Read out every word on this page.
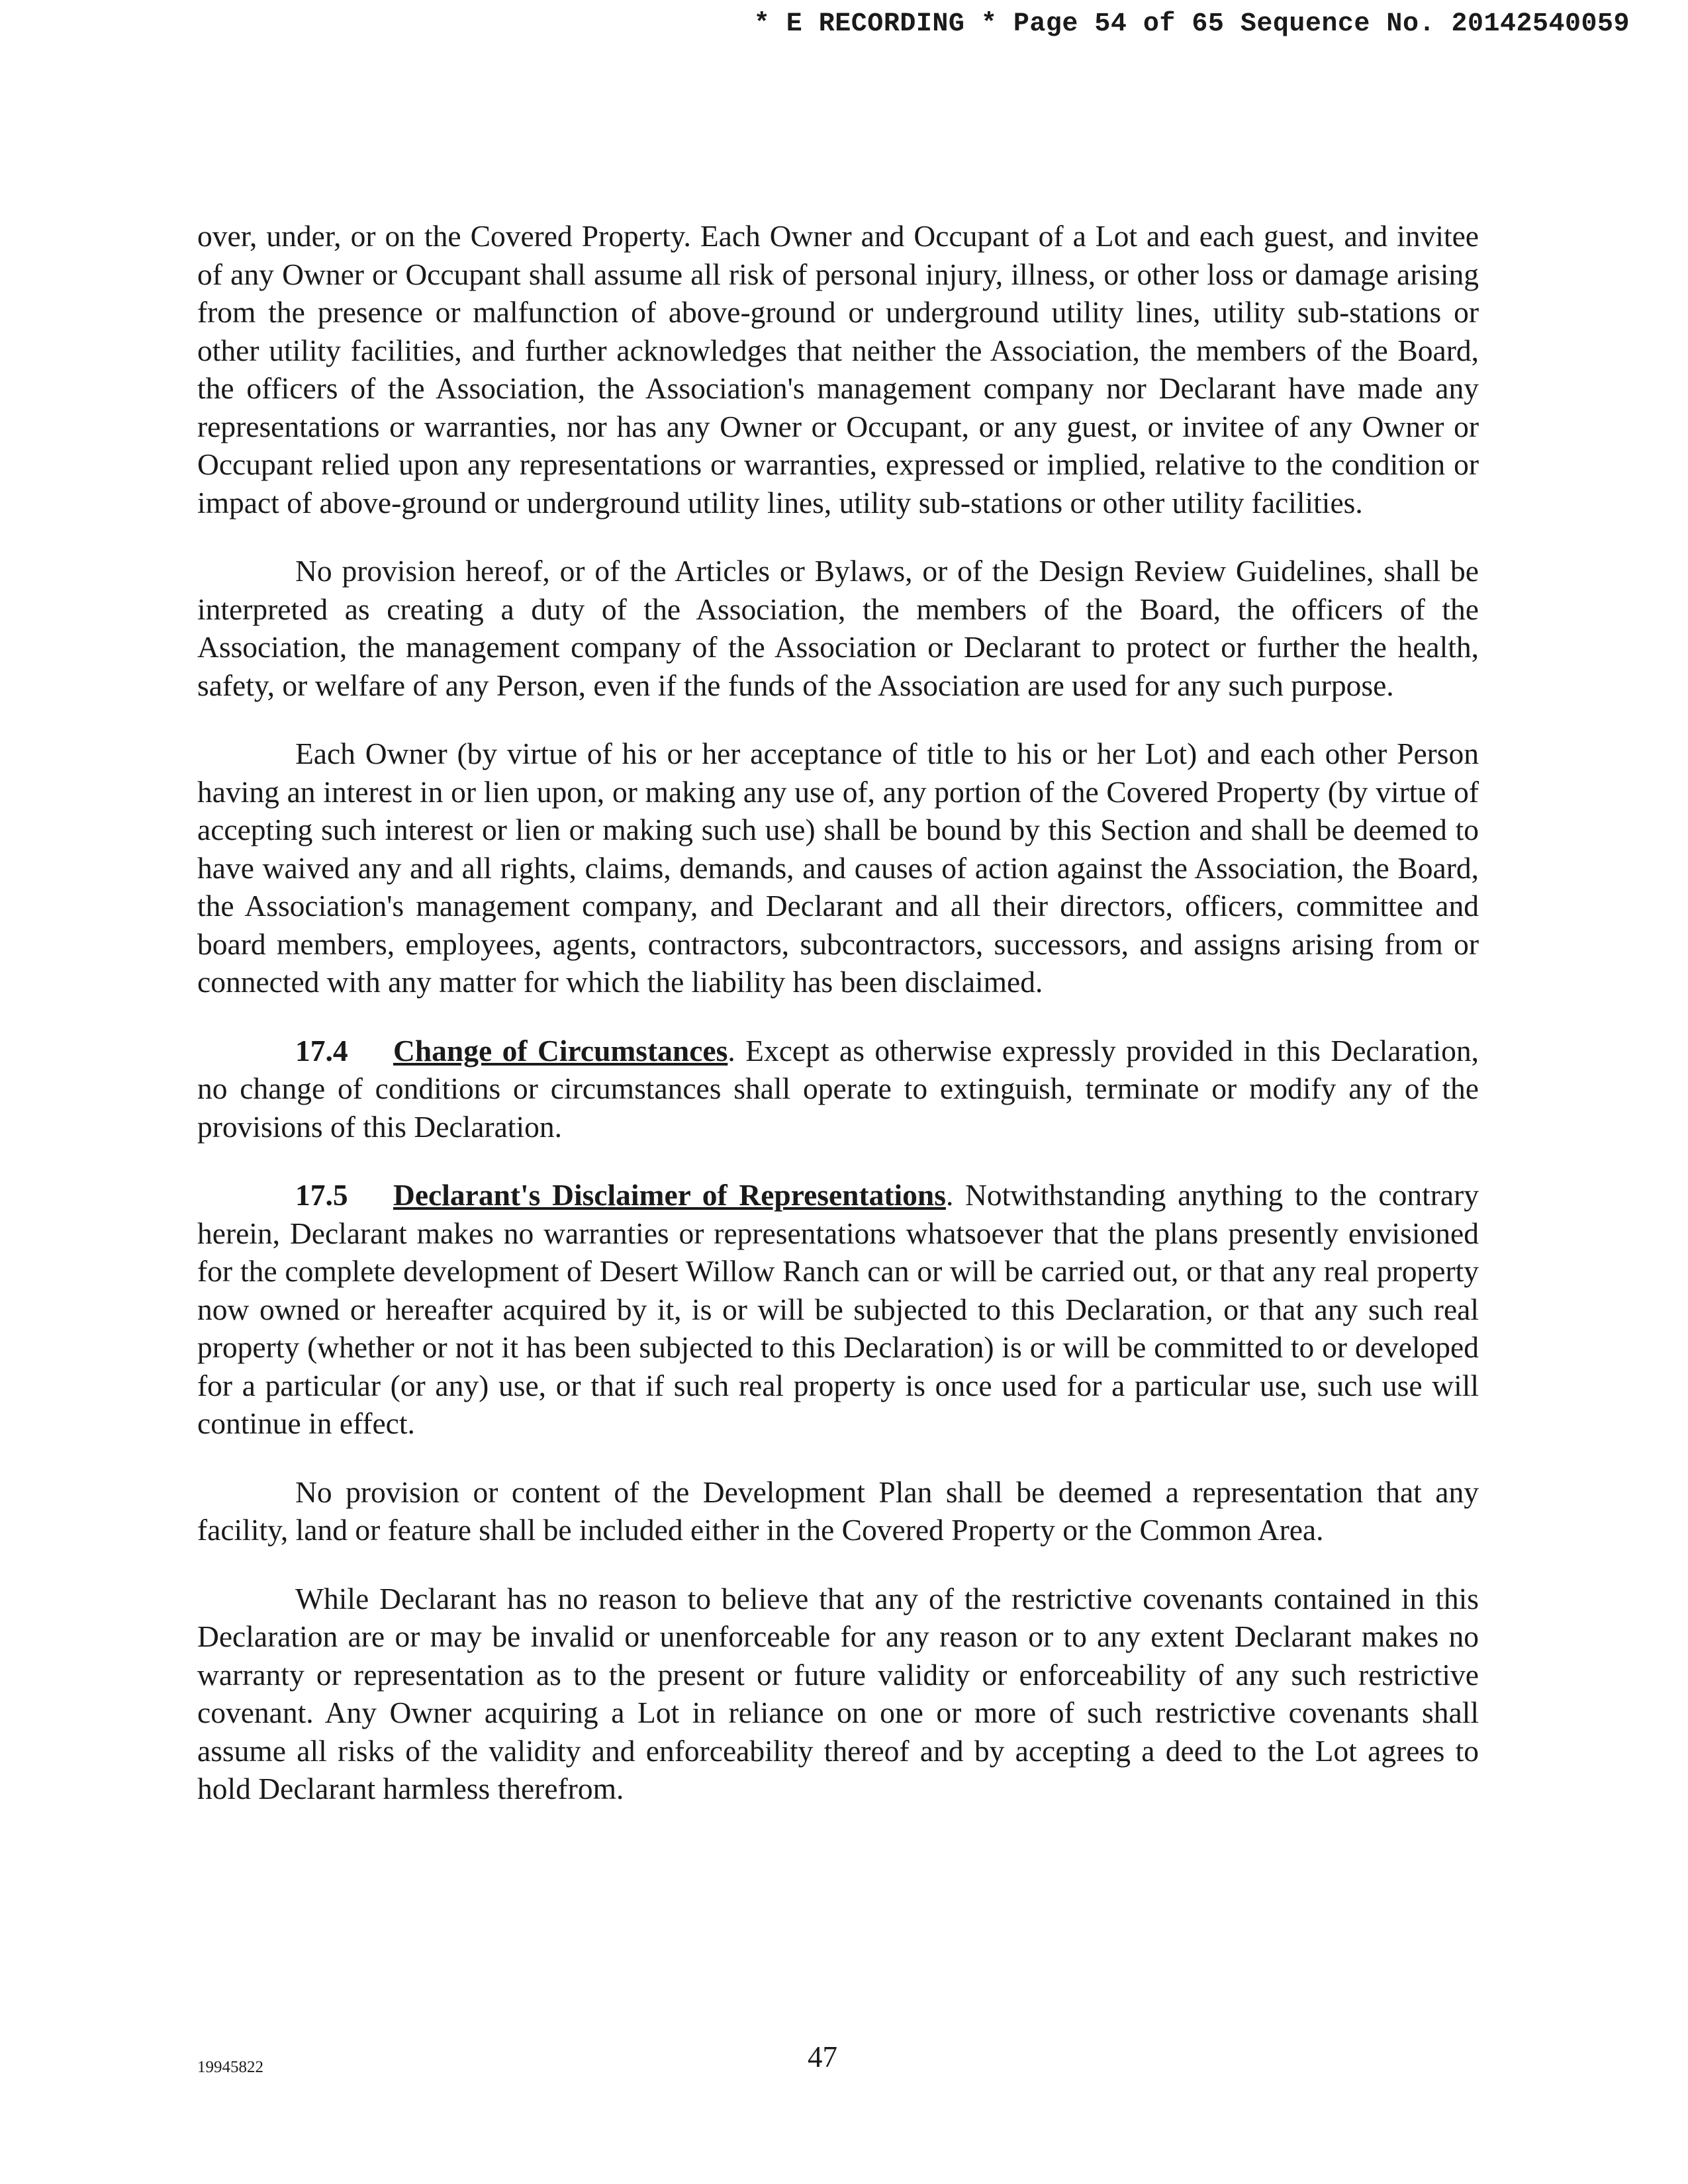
* E RECORDING * Page 54 of 65 Sequence No. 20142540059

over, under, or on the Covered Property. Each Owner and Occupant of a Lot and each guest, and invitee of any Owner or Occupant shall assume all risk of personal injury, illness, or other loss or damage arising from the presence or malfunction of above-ground or underground utility lines, utility sub-stations or other utility facilities, and further acknowledges that neither the Association, the members of the Board, the officers of the Association, the Association's management company nor Declarant have made any representations or warranties, nor has any Owner or Occupant, or any guest, or invitee of any Owner or Occupant relied upon any representations or warranties, expressed or implied, relative to the condition or impact of above-ground or underground utility lines, utility sub-stations or other utility facilities.

No provision hereof, or of the Articles or Bylaws, or of the Design Review Guidelines, shall be interpreted as creating a duty of the Association, the members of the Board, the officers of the Association, the management company of the Association or Declarant to protect or further the health, safety, or welfare of any Person, even if the funds of the Association are used for any such purpose.

Each Owner (by virtue of his or her acceptance of title to his or her Lot) and each other Person having an interest in or lien upon, or making any use of, any portion of the Covered Property (by virtue of accepting such interest or lien or making such use) shall be bound by this Section and shall be deemed to have waived any and all rights, claims, demands, and causes of action against the Association, the Board, the Association's management company, and Declarant and all their directors, officers, committee and board members, employees, agents, contractors, subcontractors, successors, and assigns arising from or connected with any matter for which the liability has been disclaimed.

17.4 Change of Circumstances. Except as otherwise expressly provided in this Declaration, no change of conditions or circumstances shall operate to extinguish, terminate or modify any of the provisions of this Declaration.

17.5 Declarant's Disclaimer of Representations. Notwithstanding anything to the contrary herein, Declarant makes no warranties or representations whatsoever that the plans presently envisioned for the complete development of Desert Willow Ranch can or will be carried out, or that any real property now owned or hereafter acquired by it, is or will be subjected to this Declaration, or that any such real property (whether or not it has been subjected to this Declaration) is or will be committed to or developed for a particular (or any) use, or that if such real property is once used for a particular use, such use will continue in effect.

No provision or content of the Development Plan shall be deemed a representation that any facility, land or feature shall be included either in the Covered Property or the Common Area.

While Declarant has no reason to believe that any of the restrictive covenants contained in this Declaration are or may be invalid or unenforceable for any reason or to any extent Declarant makes no warranty or representation as to the present or future validity or enforceability of any such restrictive covenant. Any Owner acquiring a Lot in reliance on one or more of such restrictive covenants shall assume all risks of the validity and enforceability thereof and by accepting a deed to the Lot agrees to hold Declarant harmless therefrom.

19945822	47
